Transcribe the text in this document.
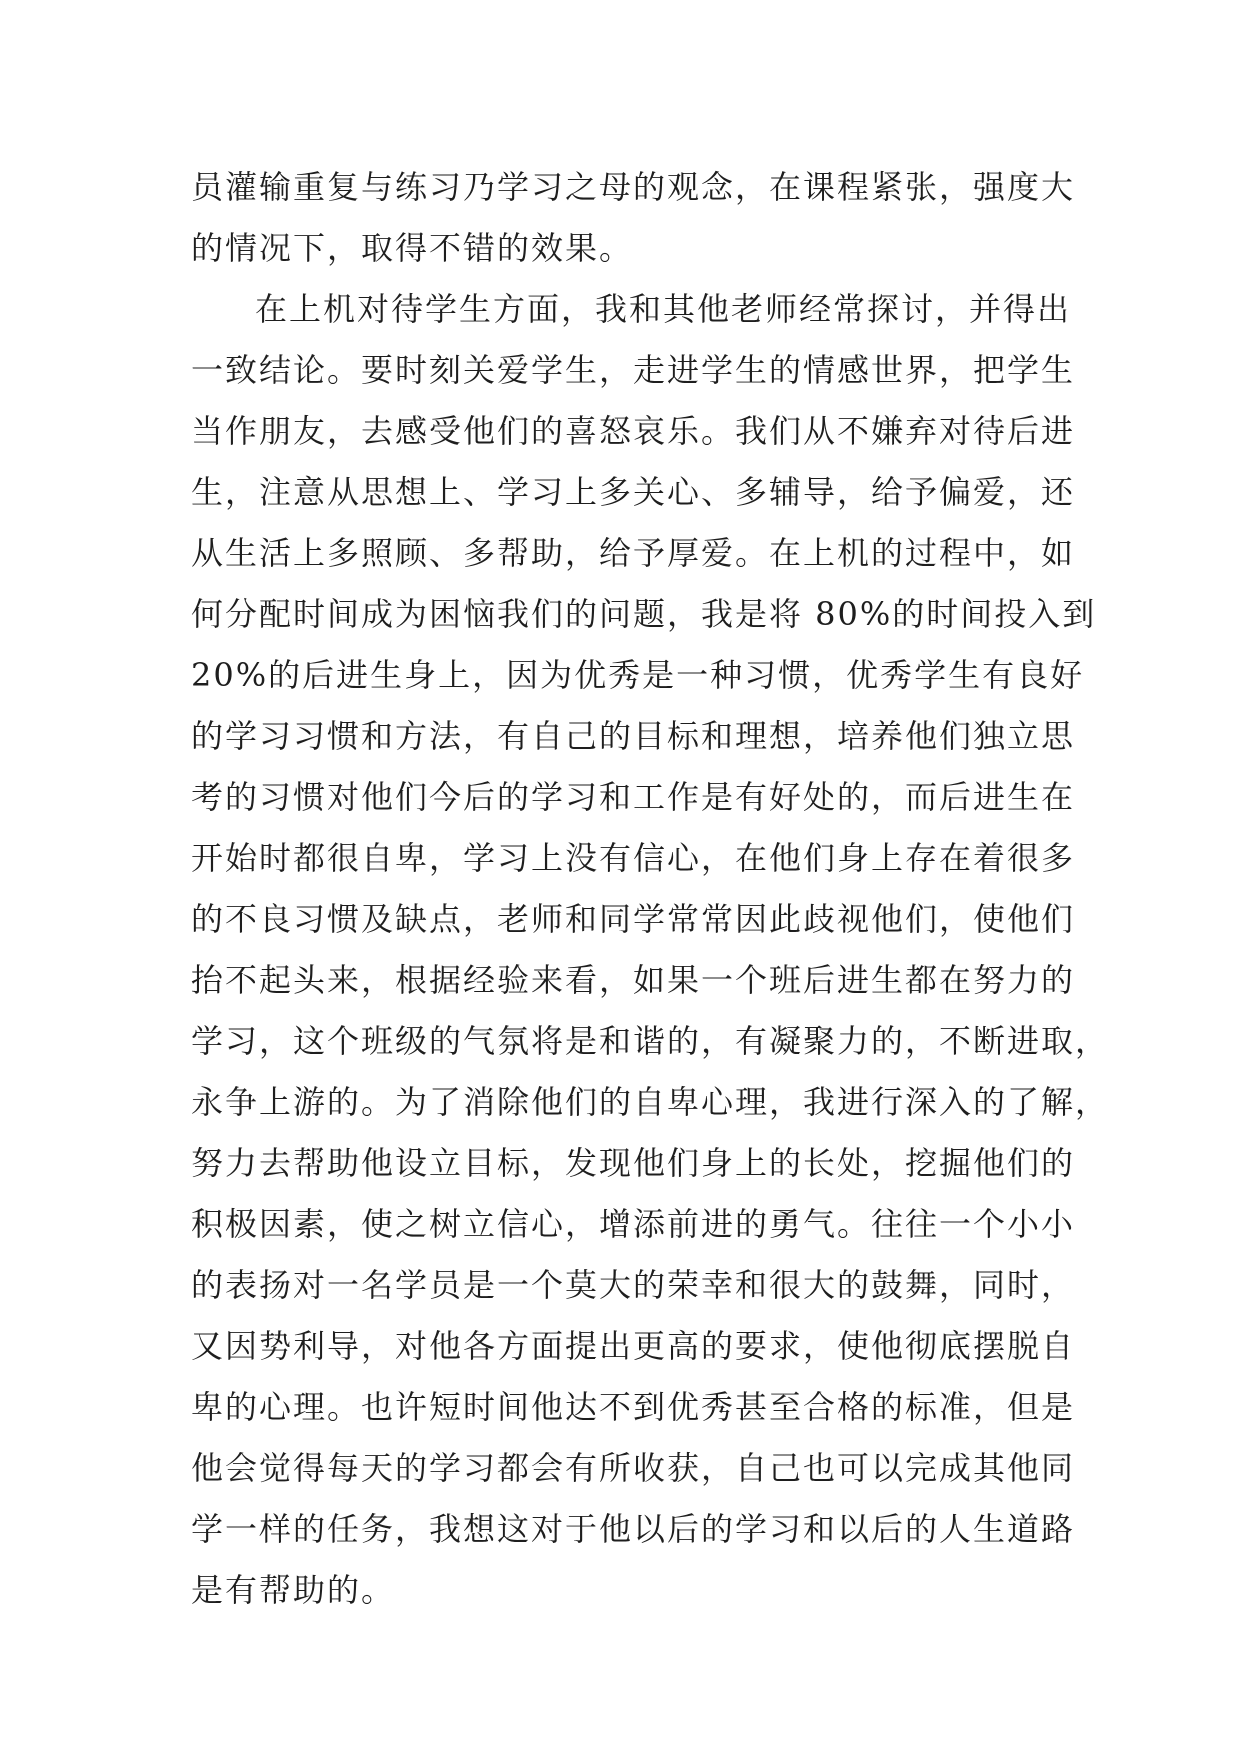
员灌输重复与练习乃学习之母的观念，在课程紧张，强度大
的情况下，取得不错的效果。
在上机对待学生方面，我和其他老师经常探讨，并得出
一致结论。要时刻关爱学生，走进学生的情感世界，把学生
当作朋友，去感受他们的喜怒哀乐。我们从不嫌弃对待后进
生，注意从思想上、学习上多关心、多辅导，给予偏爱，还
从生活上多照顾、多帮助，给予厚爱。在上机的过程中，如
何分配时间成为困恼我们的问题，我是将 80%的时间投入到
20%的后进生身上，因为优秀是一种习惯，优秀学生有良好
的学习习惯和方法，有自己的目标和理想，培养他们独立思
考的习惯对他们今后的学习和工作是有好处的，而后进生在
开始时都很自卑，学习上没有信心，在他们身上存在着很多
的不良习惯及缺点，老师和同学常常因此歧视他们，使他们
抬不起头来，根据经验来看，如果一个班后进生都在努力的
学习，这个班级的气氛将是和谐的，有凝聚力的，不断进取，
永争上游的。为了消除他们的自卑心理，我进行深入的了解，
努力去帮助他设立目标，发现他们身上的长处，挖掘他们的
积极因素，使之树立信心，增添前进的勇气。往往一个小小
的表扬对一名学员是一个莫大的荣幸和很大的鼓舞，同时，
又因势利导，对他各方面提出更高的要求，使他彻底摆脱自
卑的心理。也许短时间他达不到优秀甚至合格的标准，但是
他会觉得每天的学习都会有所收获，自己也可以完成其他同
学一样的任务，我想这对于他以后的学习和以后的人生道路
是有帮助的。
